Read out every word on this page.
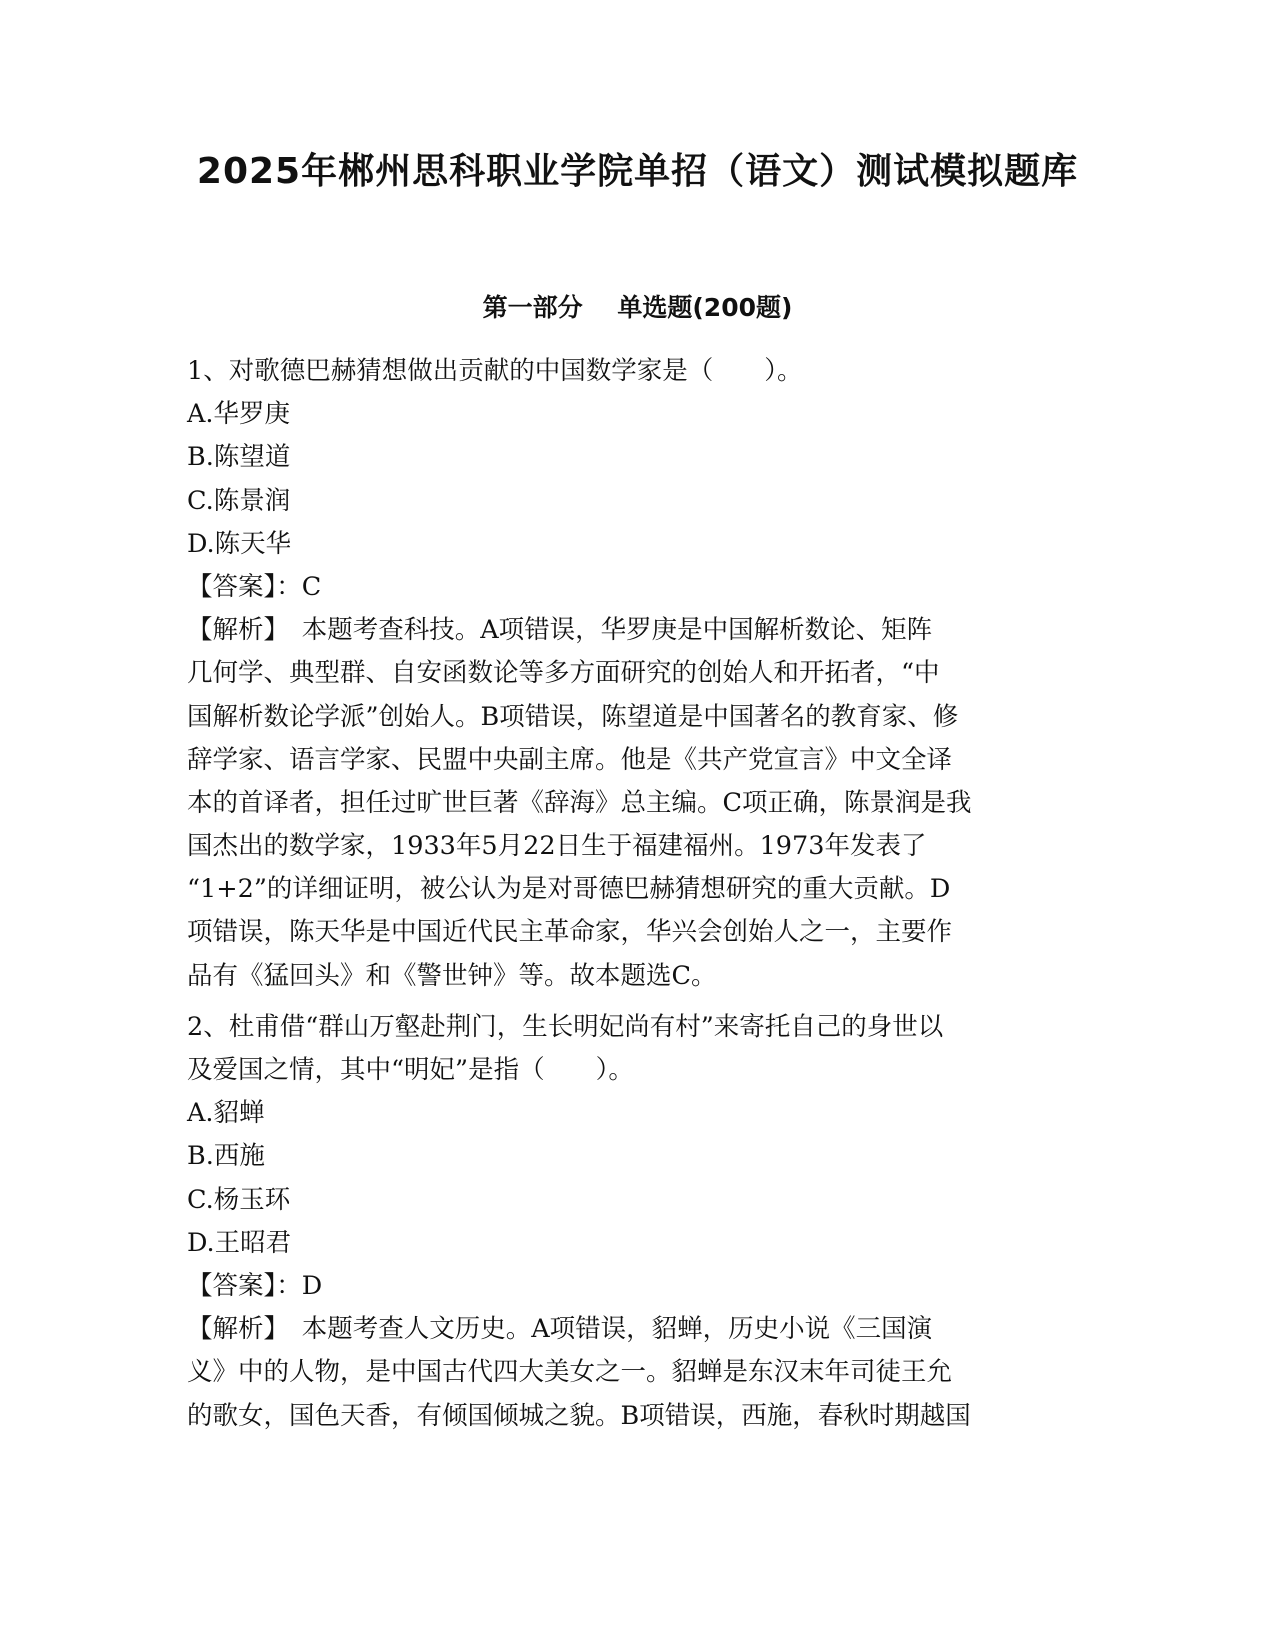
2025年郴州思科职业学院单招（语文）测试模拟题库
第一部分    单选题(200题)
1、对歌德巴赫猜想做出贡献的中国数学家是（　　）。
A.华罗庚
B.陈望道
C.陈景润
D.陈天华
【答案】：C
【解析】　本题考查科技。A项错误，华罗庚是中国解析数论、矩阵
几何学、典型群、自安函数论等多方面研究的创始人和开拓者，“中
国解析数论学派”创始人。B项错误，陈望道是中国著名的教育家、修
辞学家、语言学家、民盟中央副主席。他是《共产党宣言》中文全译
本的首译者，担任过旷世巨著《辞海》总主编。C项正确，陈景润是我
国杰出的数学家，1933年5月22日生于福建福州。1973年发表了
“1+2”的详细证明，被公认为是对哥德巴赫猜想研究的重大贡献。D
项错误，陈天华是中国近代民主革命家，华兴会创始人之一，主要作
品有《猛回头》和《警世钟》等。故本题选C。
2、杜甫借“群山万壑赴荆门，生长明妃尚有村”来寄托自己的身世以
及爱国之情，其中“明妃”是指（　　）。
A.貂蝉
B.西施
C.杨玉环
D.王昭君
【答案】：D
【解析】　本题考查人文历史。A项错误，貂蝉，历史小说《三国演
义》中的人物，是中国古代四大美女之一。貂蝉是东汉末年司徒王允
的歌女，国色天香，有倾国倾城之貌。B项错误，西施，春秋时期越国
